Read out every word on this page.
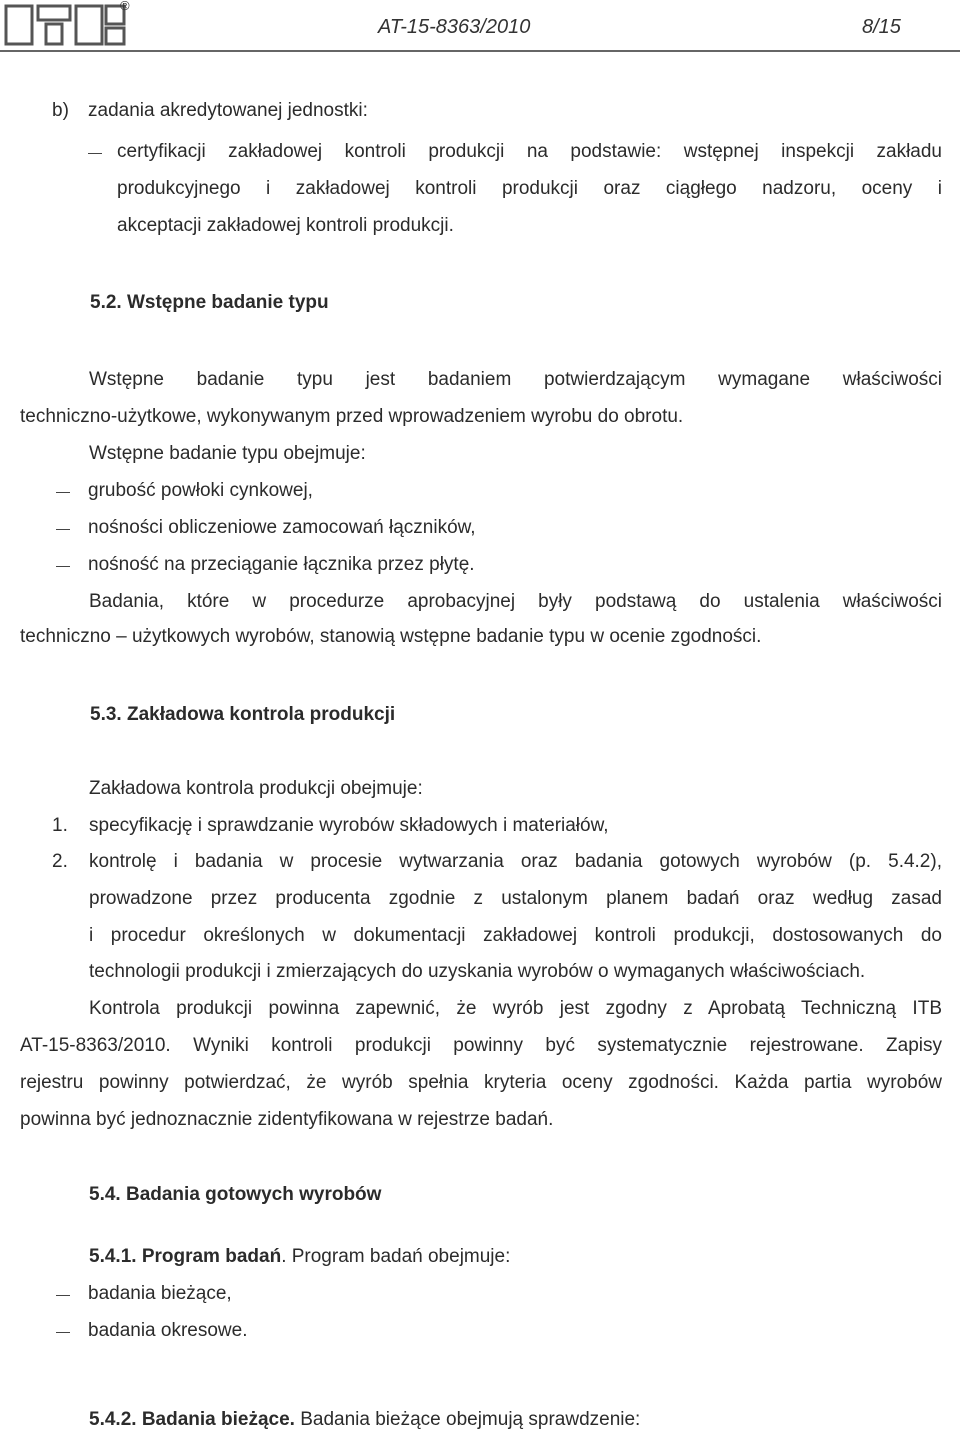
®
AT-15-8363/2010	8/15
b) zadania akredytowanej jednostki:
certyfikacji zakładowej kontroli produkcji na podstawie: wstępnej inspekcji zakładu
produkcyjnego i zakładowej kontroli produkcji oraz ciągłego nadzoru, oceny i
akceptacji zakładowej kontroli produkcji.
5.2. Wstępne badanie typu
Wstępne badanie typu jest badaniem potwierdzającym wymagane właściwości
techniczno-użytkowe, wykonywanym przed wprowadzeniem wyrobu do obrotu.
Wstępne badanie typu obejmuje:
grubość powłoki cynkowej,
nośności obliczeniowe zamocowań łączników,
nośność na przeciąganie łącznika przez płytę.
Badania, które w procedurze aprobacyjnej były podstawą do ustalenia właściwości
techniczno – użytkowych wyrobów, stanowią wstępne badanie typu w ocenie zgodności.
5.3. Zakładowa kontrola produkcji
Zakładowa kontrola produkcji obejmuje:
1. specyfikację i sprawdzanie wyrobów składowych i materiałów,
2. kontrolę i badania w procesie wytwarzania oraz badania gotowych wyrobów (p. 5.4.2),
prowadzone przez producenta zgodnie z ustalonym planem badań oraz według zasad
i procedur określonych w dokumentacji zakładowej kontroli produkcji, dostosowanych do
technologii produkcji i zmierzających do uzyskania wyrobów o wymaganych właściwościach.
Kontrola produkcji powinna zapewnić, że wyrób jest zgodny z Aprobatą Techniczną ITB
AT-15-8363/2010. Wyniki kontroli produkcji powinny być systematycznie rejestrowane. Zapisy
rejestru powinny potwierdzać, że wyrób spełnia kryteria oceny zgodności. Każda partia wyrobów
powinna być jednoznacznie zidentyfikowana w rejestrze badań.
5.4. Badania gotowych wyrobów
5.4.1. Program badań. Program badań obejmuje:
badania bieżące,
badania okresowe.
5.4.2. Badania bieżące. Badania bieżące obejmują sprawdzenie:
